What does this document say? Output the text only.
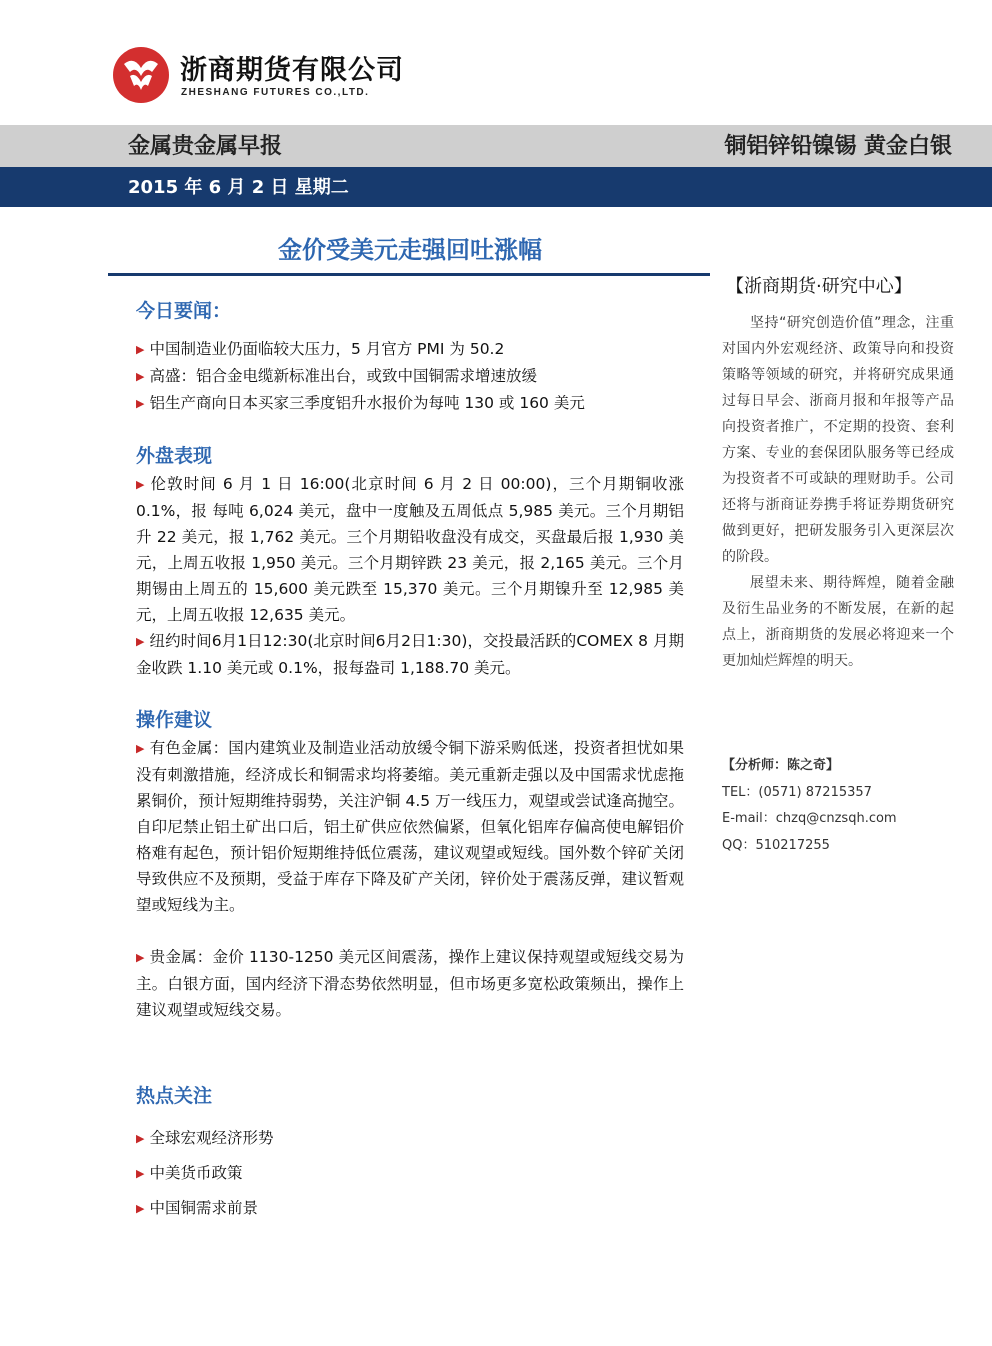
浙商期货有限公司
ZHESHANG FUTURES CO.,LTD.
金属贵金属早报	铜铝锌铅镍锡 黄金白银
2015 年 6 月 2 日 星期二
金价受美元走强回吐涨幅
今日要闻：

▶ 中国制造业仍面临较大压力，5 月官方 PMI 为 50.2

▶ 高盛：铝合金电缆新标准出台，或致中国铜需求增速放缓

▶ 铝生产商向日本买家三季度铝升水报价为每吨 130 或 160 美元

外盘表现

▶ 伦敦时间 6 月 1 日 16:00(北京时间 6 月 2 日 00:00)，三个月期铜收涨 0.1%，报 每吨 6,024 美元，盘中一度触及五周低点 5,985 美元。三个月期铝升 22 美元，报 1,762 美元。三个月期铅收盘没有成交，买盘最后报 1,930 美元，上周五收报 1,950 美元。三个月期锌跌 23 美元，报 2,165 美元。三个月期锡由上周五的 15,600 美元跌至 15,370 美元。三个月期镍升至 12,985 美元，上周五收报 12,635 美元。

▶ 纽约时间6月1日12:30(北京时间6月2日1:30)，交投最活跃的COMEX 8 月期金收跌 1.10 美元或 0.1%，报每盎司 1,188.70 美元。

操作建议

▶ 有色金属：国内建筑业及制造业活动放缓令铜下游采购低迷，投资者担忧如果没有刺激措施，经济成长和铜需求均将萎缩。美元重新走强以及中国需求忧虑拖累铜价，预计短期维持弱势，关注沪铜 4.5 万一线压力，观望或尝试逢高抛空。自印尼禁止铝土矿出口后，铝土矿供应依然偏紧，但氧化铝库存偏高使电解铝价格难有起色，预计铝价短期维持低位震荡，建议观望或短线。国外数个锌矿关闭导致供应不及预期，受益于库存下降及矿产关闭，锌价处于震荡反弹，建议暂观望或短线为主。

▶ 贵金属：金价 1130-1250 美元区间震荡，操作上建议保持观望或短线交易为主。白银方面，国内经济下滑态势依然明显，但市场更多宽松政策频出，操作上建议观望或短线交易。

热点关注

▶ 全球宏观经济形势

▶ 中美货币政策

▶ 中国铜需求前景

【浙商期货·研究中心】

坚持“研究创造价值”理念，注重对国内外宏观经济、政策导向和投资策略等领域的研究，并将研究成果通过每日早会、浙商月报和年报等产品向投资者推广，不定期的投资、套利方案、专业的套保团队服务等已经成为投资者不可或缺的理财助手。公司还将与浙商证券携手将证券期货研究做到更好，把研发服务引入更深层次的阶段。

展望未来、期待辉煌，随着金融及衍生品业务的不断发展，在新的起点上，浙商期货的发展必将迎来一个更加灿烂辉煌的明天。

【分析师：陈之奇】
TEL：(0571) 87215357
E-mail：chzq@cnzsqh.com
QQ：510217255
